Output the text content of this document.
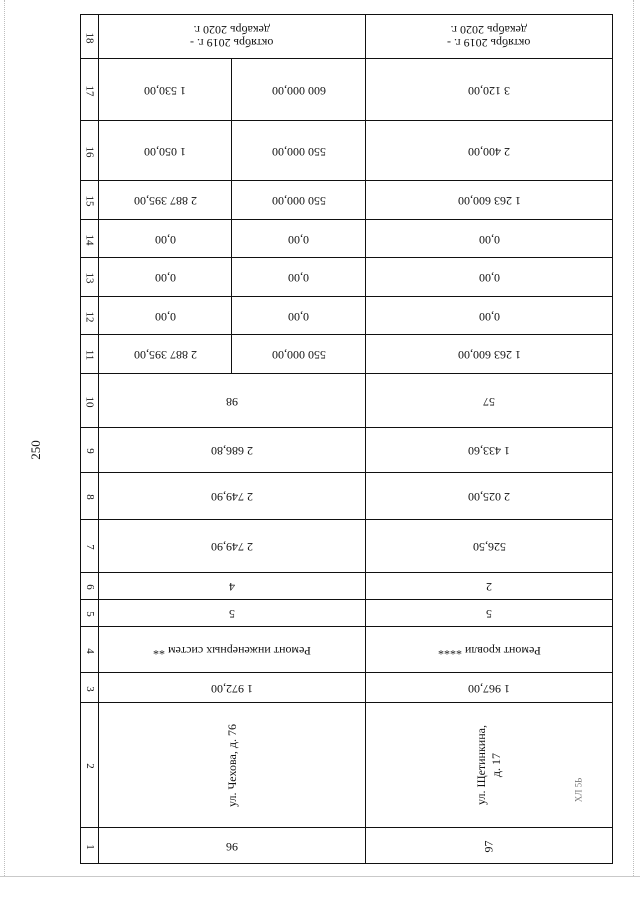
250
ХЛ 5Ь
18	октябрь 2019 г. -
декабрь 2020 г.		октябрь 2019 г. -
декабрь 2020 г.
17	1 530,00	600 000,00	3 120,00
16	1 050,00	550 000,00	2 400,00
15	2 887 395,00	550 000,00	1 263 600,00
14	0,00	0,00	0,00
13	0,00	0,00	0,00
12	0,00	0,00	0,00
11	2 887 395,00	550 000,00	1 263 600,00
10	98		57
9	2 686,80		1 433,60
8	2 749,90		2 025,00
7	2 749,90		526,50
6	4		2
5	5		5
4	Ремонт инженерных систем **		Ремонт кровли ****
3	1 972,00		1 967,00
2	ул. Чехова, д. 76		ул. Щетинкина,
д. 17
1	96		97
